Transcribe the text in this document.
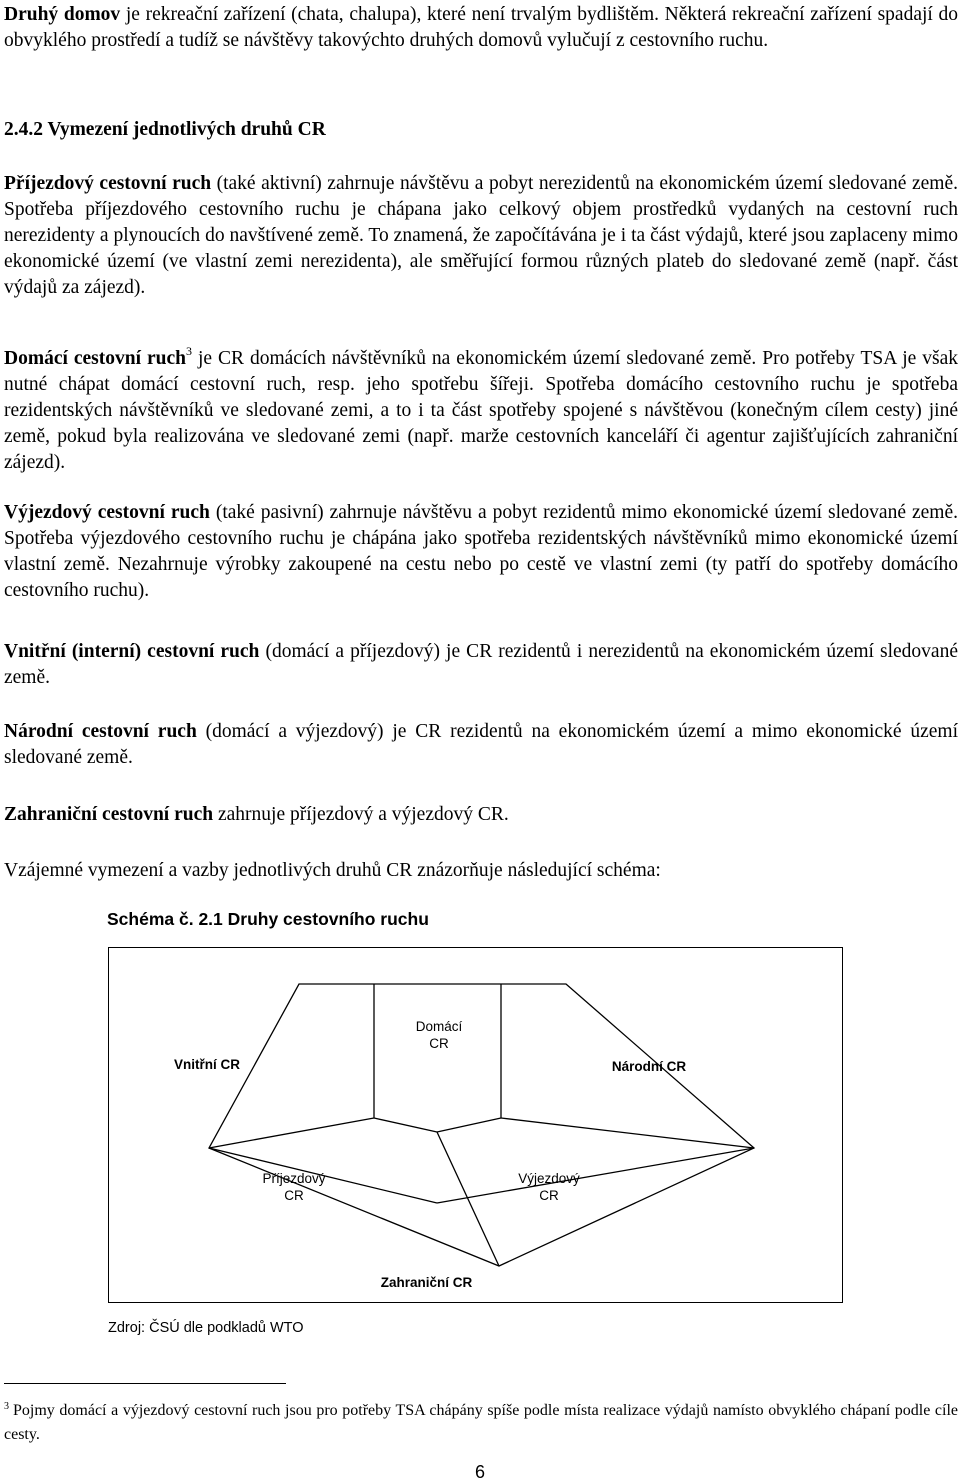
Druhý domov je rekreační zařízení (chata, chalupa), které není trvalým bydlištěm. Některá rekreační zařízení spadají do obvyklého prostředí a tudíž se návštěvy takovýchto druhých domovů vylučují z cestovního ruchu.

2.4.2 Vymezení jednotlivých druhů CR

Příjezdový cestovní ruch (také aktivní) zahrnuje návštěvu a pobyt nerezidentů na ekonomickém území sledované země. Spotřeba příjezdového cestovního ruchu je chápana jako celkový objem prostředků vydaných na cestovní ruch nerezidenty a plynoucích do navštívené země. To znamená, že započítávána je i ta část výdajů, které jsou zaplaceny mimo ekonomické území (ve vlastní zemi nerezidenta), ale směřující formou různých plateb do sledované země (např. část výdajů za zájezd).

Domácí cestovní ruch$^3$ je CR domácích návštěvníků na ekonomickém území sledované země. Pro potřeby TSA je však nutné chápat domácí cestovní ruch, resp. jeho spotřebu šířeji. Spotřeba domácího cestovního ruchu je spotřeba rezidentských návštěvníků ve sledované zemi, a to i ta část spotřeby spojené s návštěvou (konečným cílem cesty) jiné země, pokud byla realizována ve sledované zemi (např. marže cestovních kanceláří či agentur zajišťujících zahraniční zájezd).

Výjezdový cestovní ruch (také pasivní) zahrnuje návštěvu a pobyt rezidentů mimo ekonomické území sledované země. Spotřeba výjezdového cestovního ruchu je chápána jako spotřeba rezidentských návštěvníků mimo ekonomické území vlastní země. Nezahrnuje výrobky zakoupené na cestu nebo po cestě ve vlastní zemi (ty patří do spotřeby domácího cestovního ruchu).

Vnitřní (interní) cestovní ruch (domácí a příjezdový) je CR rezidentů i nerezidentů na ekonomickém území sledované země.

Národní cestovní ruch (domácí a výjezdový) je CR rezidentů na ekonomickém území a mimo ekonomické území sledované země.

Zahraniční cestovní ruch zahrnuje příjezdový a výjezdový CR.

Vzájemné vymezení a vazby jednotlivých druhů CR znázorňuje následující schéma:

Schéma č. 2.1 Druhy cestovního ruchu

Domácí
CR
Vnitřní CR	Národní CR
Příjezdový
CR
Výjezdový
CR
Zahraniční CR

Zdroj: ČSÚ dle podkladů WTO

$^3$ Pojmy domácí a výjezdový cestovní ruch jsou pro potřeby TSA chápány spíše podle místa realizace výdajů namísto obvyklého chápaní podle cíle cesty.

6
